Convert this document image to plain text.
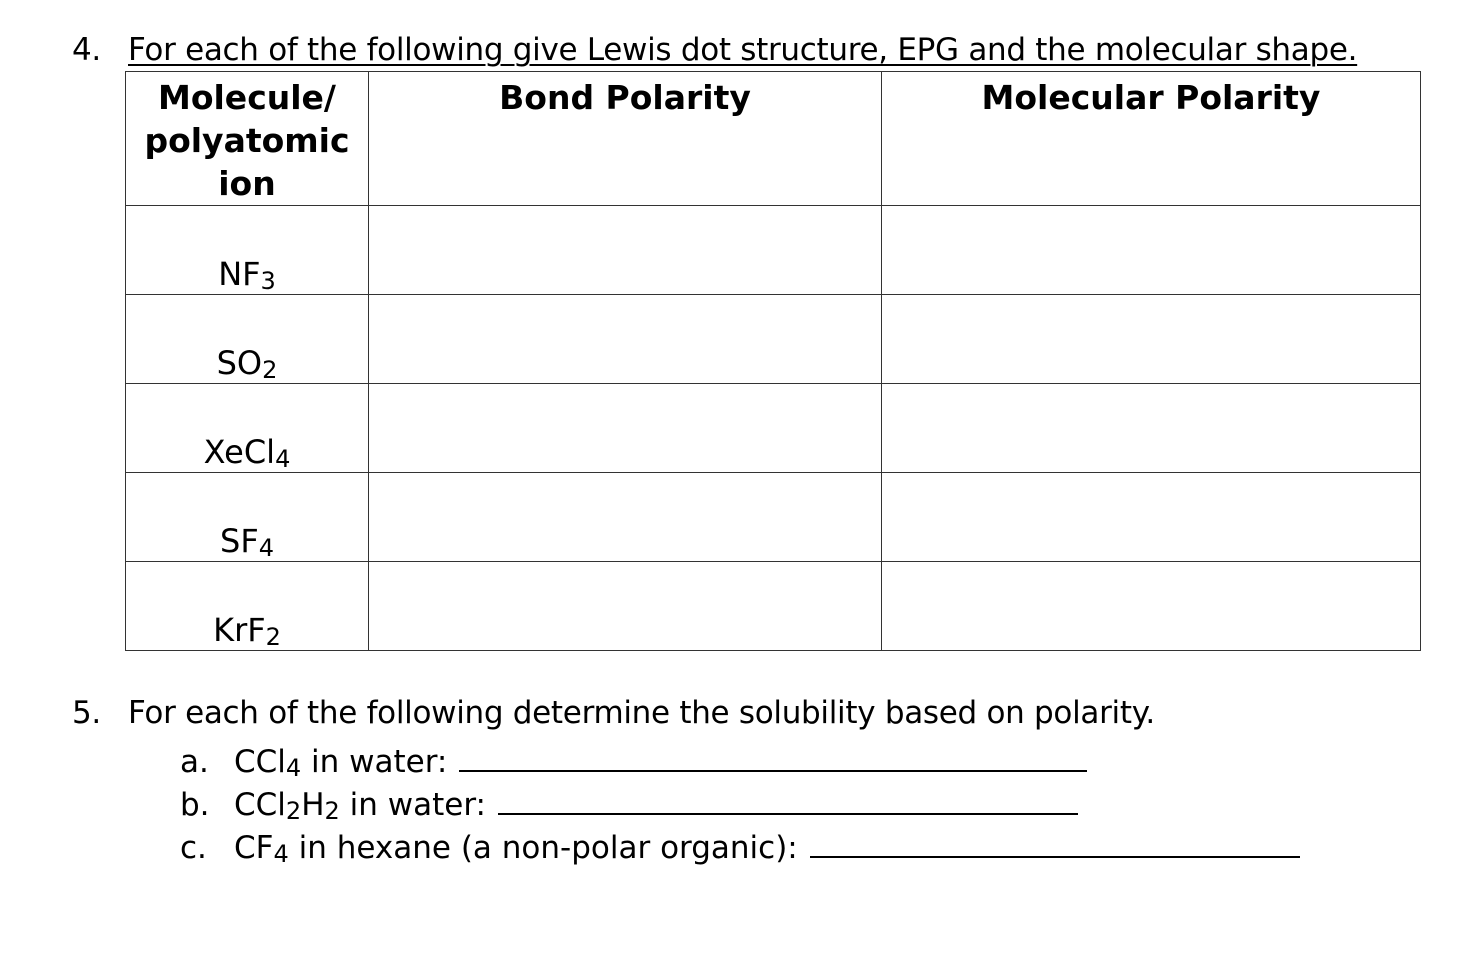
4. For each of the following give Lewis dot structure, EPG and the molecular shape.
Molecule/
polyatomic
ion	Bond Polarity	Molecular Polarity

$NF_3$		
$SO_2$		
XeCl$_4$		
$SF_4$		
KrF$_2$		
5. For each of the following determine the solubility based on polarity.
a. CCl$_4$ in water:
b. $CCl_2H_2$ in water:
c. $CF_4$ in hexane (a non-polar organic):
